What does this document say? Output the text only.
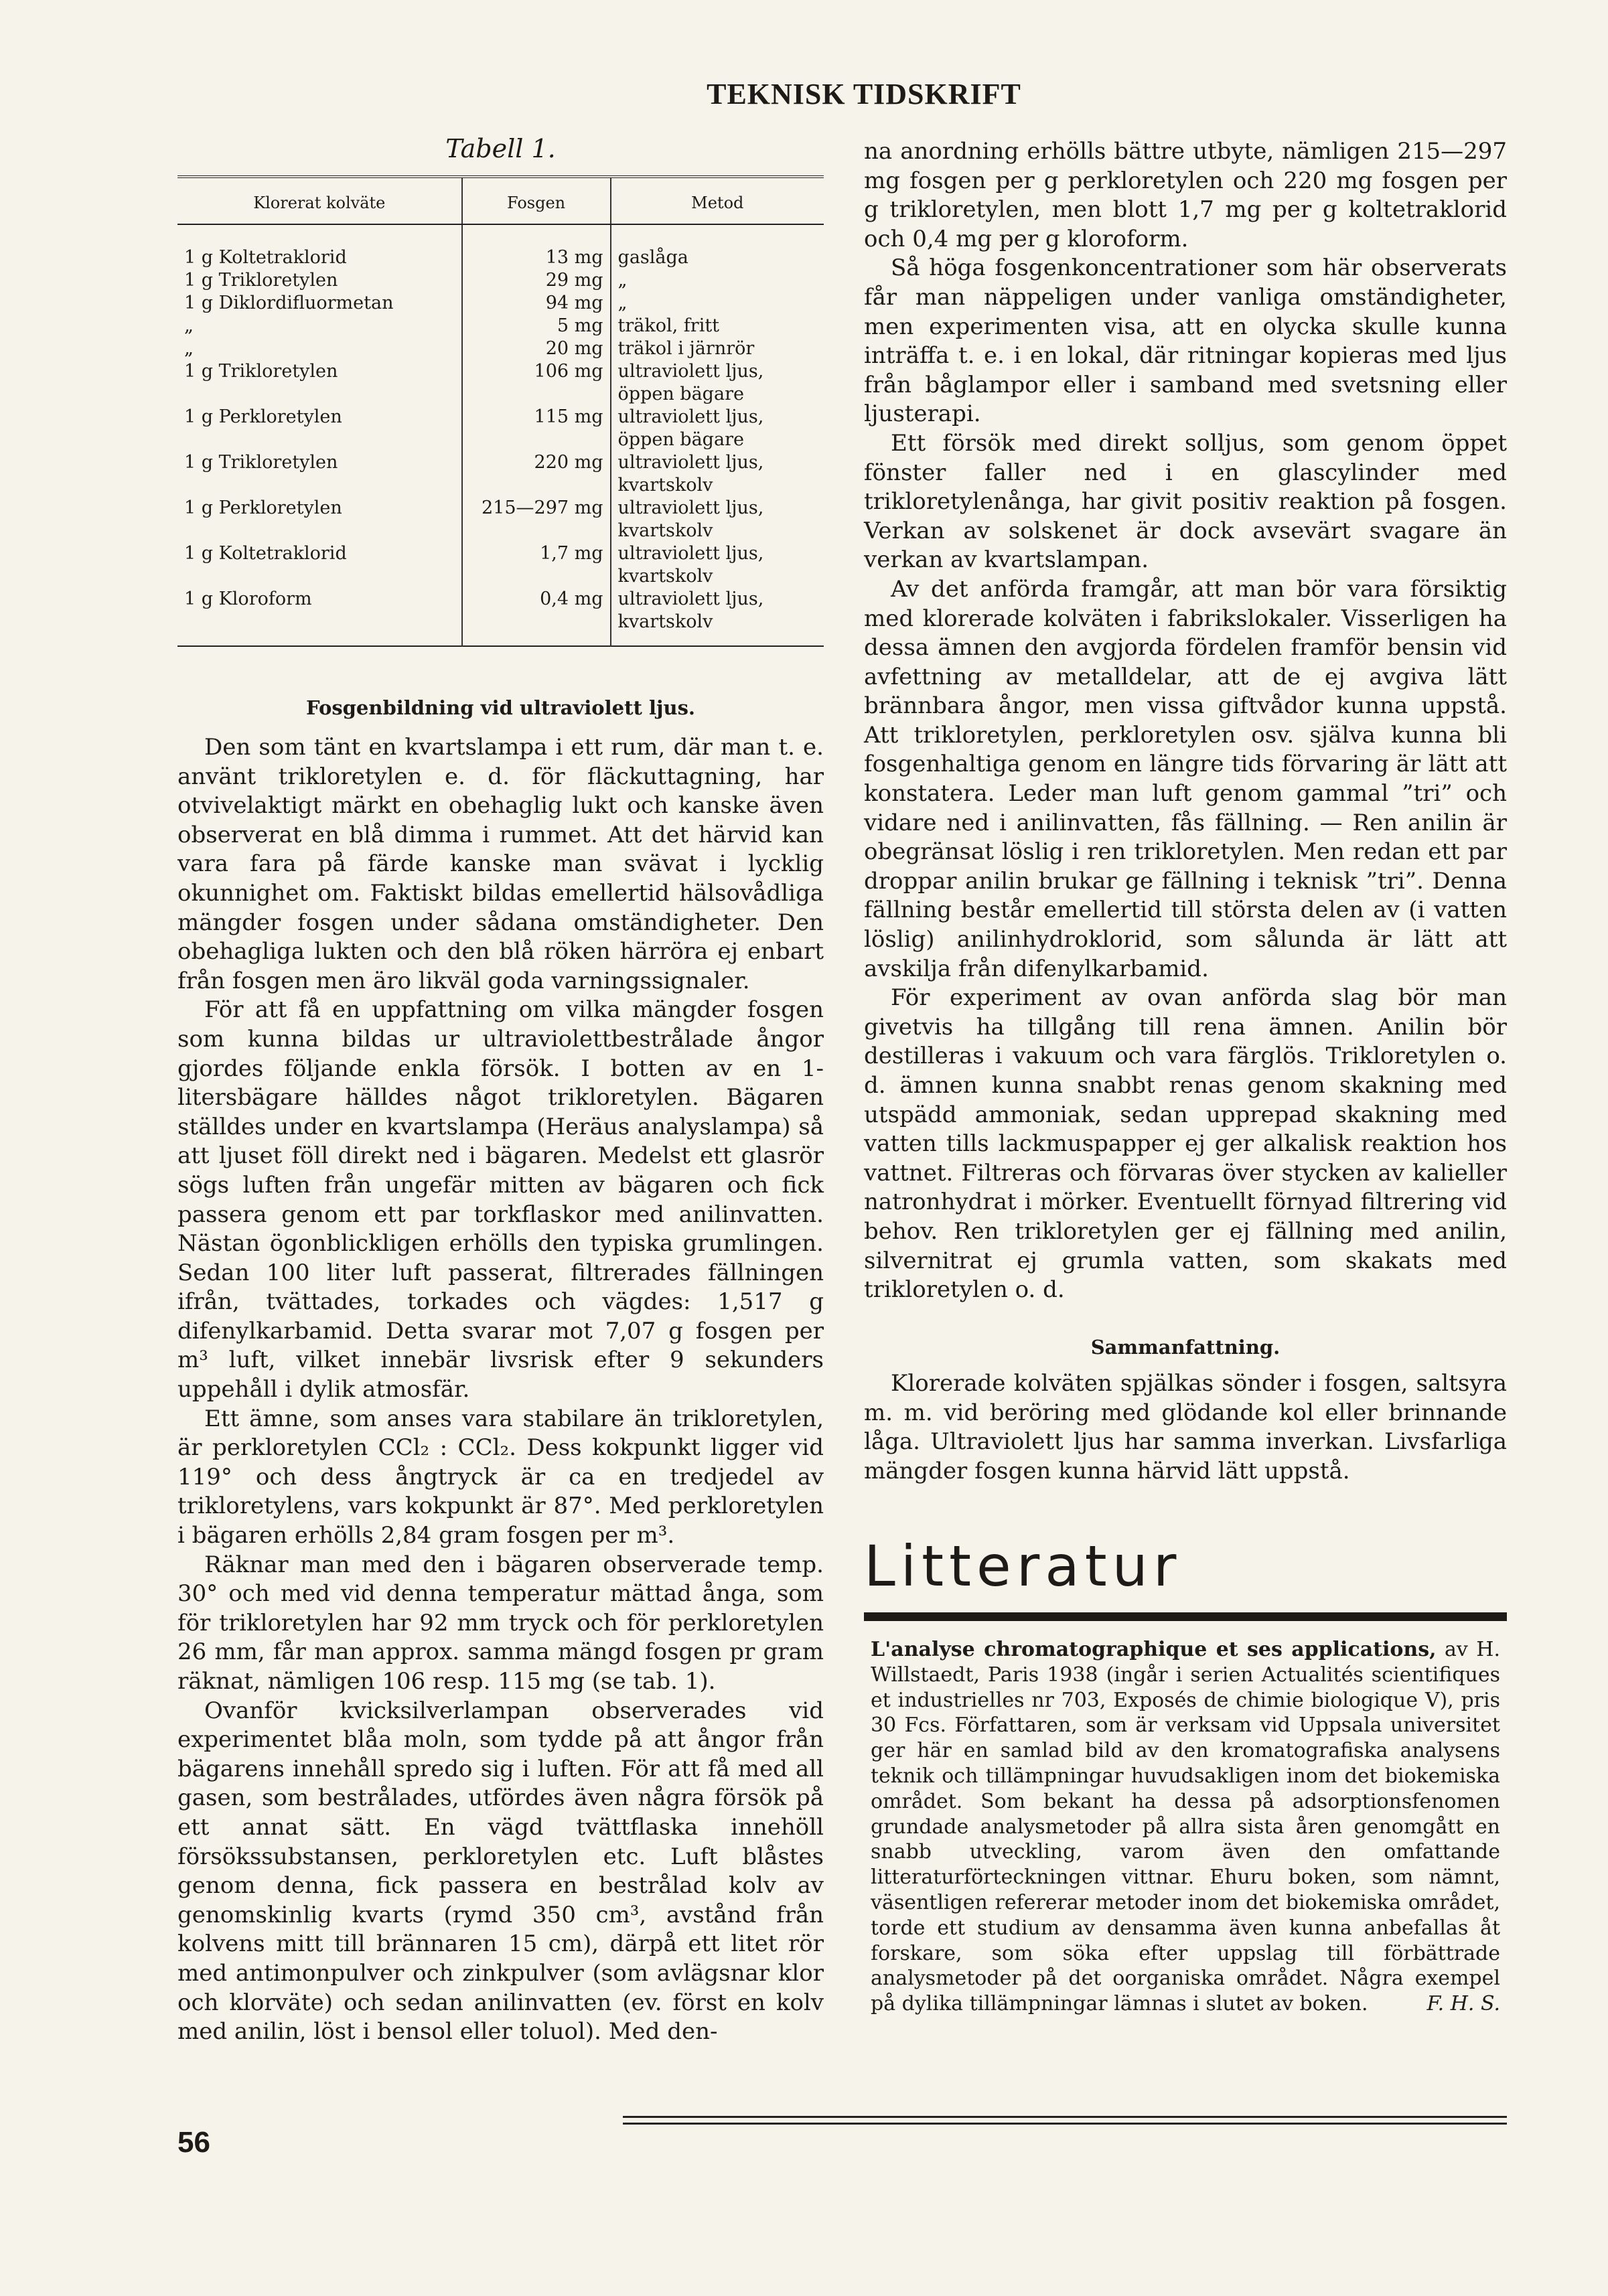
TEKNISK TIDSKRIFT
Tabell 1.
Klorerat kolväte	Fosgen	Metod
1 g Koltetraklorid	13 mg	gaslåga
1 g Trikloretylen	29 mg	„
1 g Diklordifluormetan	94 mg	„
„	5 mg	träkol, fritt
„	20 mg	träkol i järnrör
1 g Trikloretylen	106 mg	ultraviolett ljus, öppen bägare
1 g Perkloretylen	115 mg	ultraviolett ljus, öppen bägare
1 g Trikloretylen	220 mg	ultraviolett ljus, kvartskolv
1 g Perkloretylen	215—297 mg	ultraviolett ljus, kvartskolv
1 g Koltetraklorid	1,7 mg	ultraviolett ljus, kvartskolv
1 g Kloroform	0,4 mg	ultraviolett ljus, kvartskolv
Fosgenbildning vid ultraviolett ljus.

Den som tänt en kvartslampa i ett rum, där man t. e. använt trikloretylen e. d. för fläckuttagning, har otvivelaktigt märkt en obehaglig lukt och kanske även observerat en blå dimma i rummet. Att det härvid kan vara fara på färde kanske man svävat i lycklig okunnighet om. Faktiskt bildas emellertid hälsovådliga mängder fosgen under sådana omständigheter. Den obehagliga lukten och den blå röken härröra ej enbart från fosgen men äro likväl goda varningssignaler.

För att få en uppfattning om vilka mängder fosgen som kunna bildas ur ultraviolettbestrålade ångor gjordes följande enkla försök. I botten av en 1-litersbägare hälldes något trikloretylen. Bägaren ställdes under en kvartslampa (Heräus analyslampa) så att ljuset föll direkt ned i bägaren. Medelst ett glasrör sögs luften från ungefär mitten av bägaren och fick passera genom ett par torkflaskor med anilinvatten. Nästan ögonblickligen erhölls den typiska grumlingen. Sedan 100 liter luft passerat, filtrerades fällningen ifrån, tvättades, torkades och vägdes: 1,517 g difenylkarbamid. Detta svarar mot 7,07 g fosgen per m³ luft, vilket innebär livsrisk efter 9 sekunders uppehåll i dylik atmosfär.

Ett ämne, som anses vara stabilare än trikloretylen, är perkloretylen CCl₂ : CCl₂. Dess kokpunkt ligger vid 119° och dess ångtryck är ca en tredjedel av trikloretylens, vars kokpunkt är 87°. Med perkloretylen i bägaren erhölls 2,84 gram fosgen per m³.

Räknar man med den i bägaren observerade temp. 30° och med vid denna temperatur mättad ånga, som för trikloretylen har 92 mm tryck och för perkloretylen 26 mm, får man approx. samma mängd fosgen pr gram räknat, nämligen 106 resp. 115 mg (se tab. 1).

Ovanför kvicksilverlampan observerades vid experimentet blåa moln, som tydde på att ångor från bägarens innehåll spredo sig i luften. För att få med all gasen, som bestrålades, utfördes även några försök på ett annat sätt. En vägd tvättflaska innehöll försökssubstansen, perkloretylen etc. Luft blåstes genom denna, fick passera en bestrålad kolv av genomskinlig kvarts (rymd 350 cm³, avstånd från kolvens mitt till brännaren 15 cm), därpå ett litet rör med antimonpulver och zinkpulver (som avlägsnar klor och klorväte) och sedan anilinvatten (ev. först en kolv med anilin, löst i bensol eller toluol). Med den-

na anordning erhölls bättre utbyte, nämligen 215—297 mg fosgen per g perkloretylen och 220 mg fosgen per g trikloretylen, men blott 1,7 mg per g koltetraklorid och 0,4 mg per g kloroform.

Så höga fosgenkoncentrationer som här observerats får man näppeligen under vanliga omständigheter, men experimenten visa, att en olycka skulle kunna inträffa t. e. i en lokal, där ritningar kopieras med ljus från båglampor eller i samband med svetsning eller ljusterapi.

Ett försök med direkt solljus, som genom öppet fönster faller ned i en glascylinder med trikloretylenånga, har givit positiv reaktion på fosgen. Verkan av solskenet är dock avsevärt svagare än verkan av kvartslampan.

Av det anförda framgår, att man bör vara försiktig med klorerade kolväten i fabrikslokaler. Visserligen ha dessa ämnen den avgjorda fördelen framför bensin vid avfettning av metalldelar, att de ej avgiva lätt brännbara ångor, men vissa giftvådor kunna uppstå. Att trikloretylen, perkloretylen osv. själva kunna bli fosgenhaltiga genom en längre tids förvaring är lätt att konstatera. Leder man luft genom gammal ”tri” och vidare ned i anilinvatten, fås fällning. — Ren anilin är obegränsat löslig i ren trikloretylen. Men redan ett par droppar anilin brukar ge fällning i teknisk ”tri”. Denna fällning består emellertid till största delen av (i vatten löslig) anilinhydroklorid, som sålunda är lätt att avskilja från difenylkarbamid.

För experiment av ovan anförda slag bör man givetvis ha tillgång till rena ämnen. Anilin bör destilleras i vakuum och vara färglös. Trikloretylen o. d. ämnen kunna snabbt renas genom skakning med utspädd ammoniak, sedan upprepad skakning med vatten tills lackmuspapper ej ger alkalisk reaktion hos vattnet. Filtreras och förvaras över stycken av kalieller natronhydrat i mörker. Eventuellt förnyad filtrering vid behov. Ren trikloretylen ger ej fällning med anilin, silvernitrat ej grumla vatten, som skakats med trikloretylen o. d.

Sammanfattning.

Klorerade kolväten spjälkas sönder i fosgen, saltsyra m. m. vid beröring med glödande kol eller brinnande låga. Ultraviolett ljus har samma inverkan. Livsfarliga mängder fosgen kunna härvid lätt uppstå.

Litteratur
L'analyse chromatographique et ses applications, av H. Willstaedt, Paris 1938 (ingår i serien Actualités scientifiques et industrielles nr 703, Exposés de chimie biologique V), pris 30 Fcs. Författaren, som är verksam vid Uppsala universitet ger här en samlad bild av den kromatografiska analysens teknik och tillämpningar huvudsakligen inom det biokemiska området. Som bekant ha dessa på adsorptionsfenomen grundade analysmetoder på allra sista åren genomgått en snabb utveckling, varom även den omfattande litteraturförteckningen vittnar. Ehuru boken, som nämnt, väsentligen refererar metoder inom det biokemiska området, torde ett studium av densamma även kunna anbefallas åt forskare, som söka efter uppslag till förbättrade analysmetoder på det oorganiska området. Några exempel på dylika tillämpningar lämnas i slutet av boken.	F. H. S.
56
